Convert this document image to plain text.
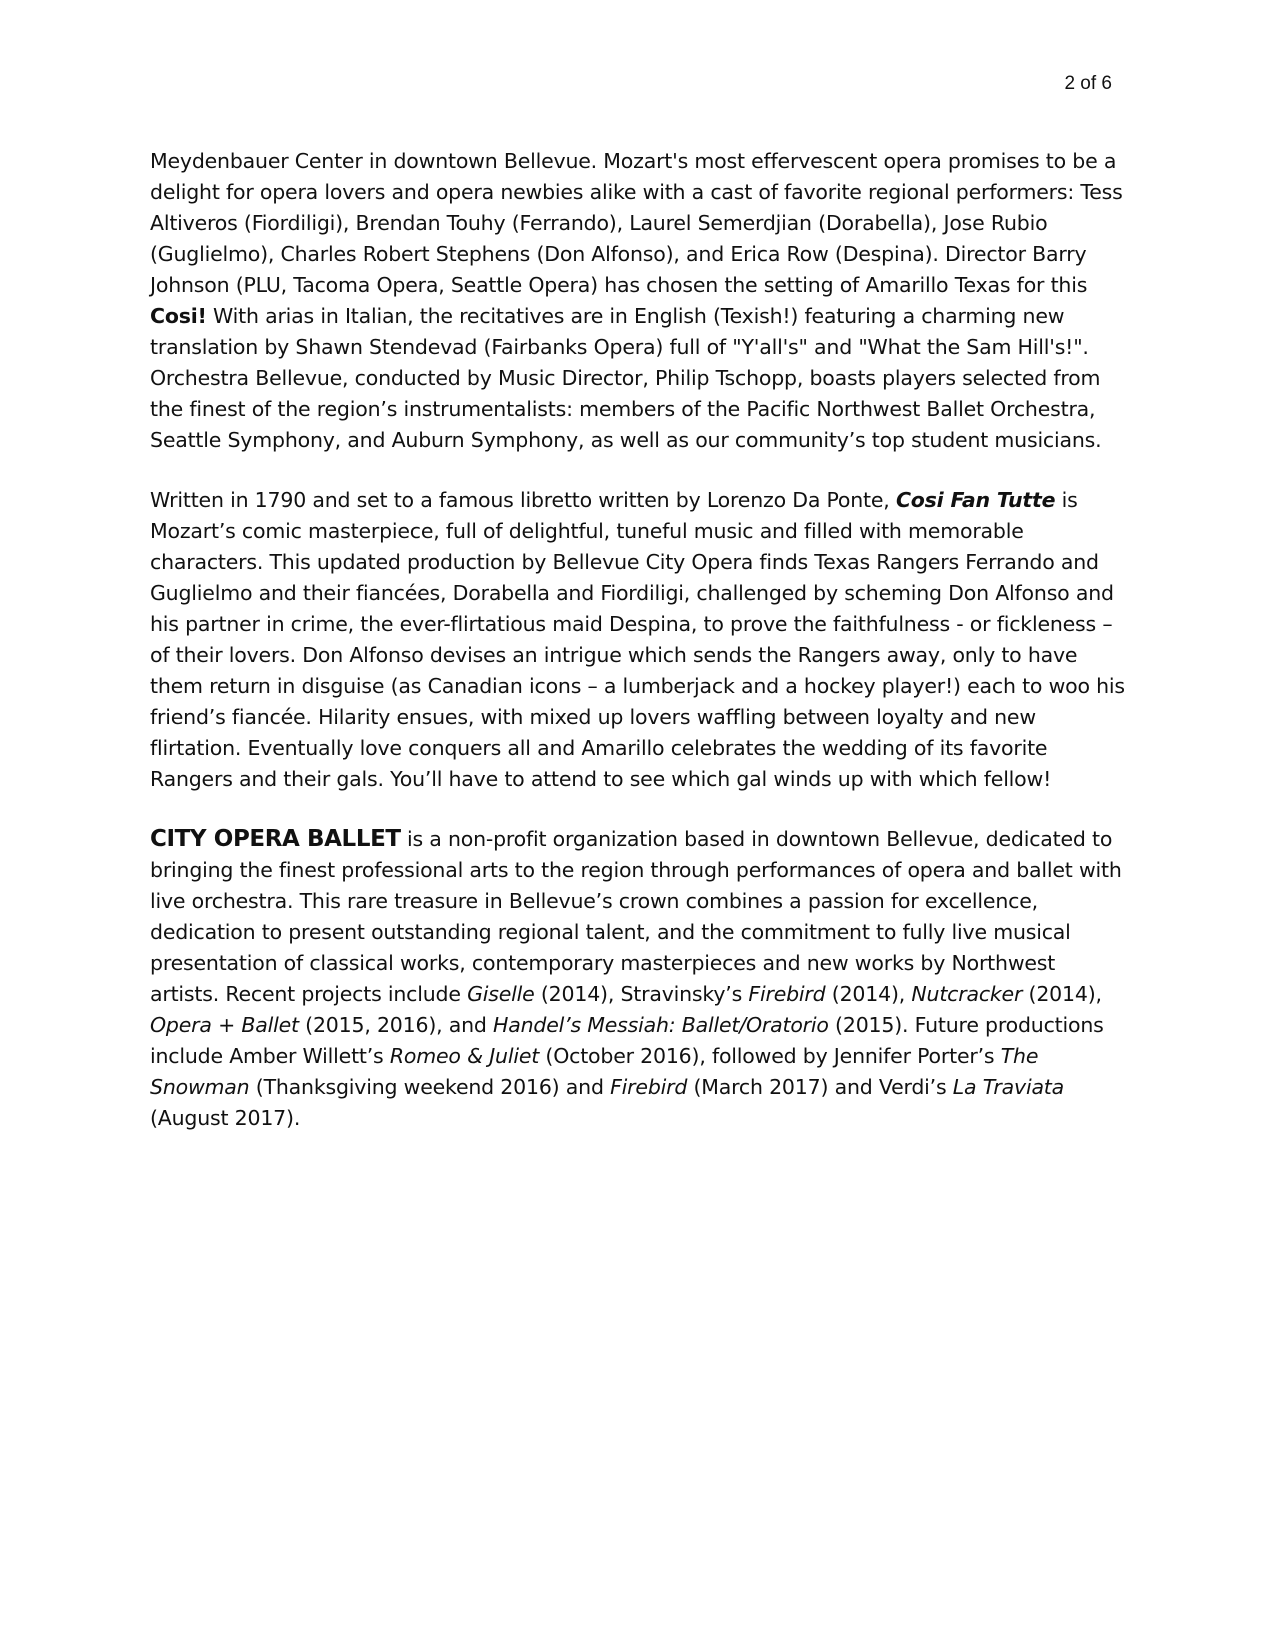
2 of 6

Meydenbauer Center in downtown Bellevue. Mozart's most effervescent opera promises to be a delight for opera lovers and opera newbies alike with a cast of favorite regional performers: Tess Altiveros (Fiordiligi), Brendan Touhy (Ferrando), Laurel Semerdjian (Dorabella), Jose Rubio (Guglielmo), Charles Robert Stephens (Don Alfonso), and Erica Row (Despina). Director Barry Johnson (PLU, Tacoma Opera, Seattle Opera) has chosen the setting of Amarillo Texas for this Cosi! With arias in Italian, the recitatives are in English (Texish!) featuring a charming new translation by Shawn Stendevad (Fairbanks Opera) full of "Y'all's" and "What the Sam Hill's!". Orchestra Bellevue, conducted by Music Director, Philip Tschopp, boasts players selected from the finest of the region’s instrumentalists: members of the Pacific Northwest Ballet Orchestra, Seattle Symphony, and Auburn Symphony, as well as our community’s top student musicians.

Written in 1790 and set to a famous libretto written by Lorenzo Da Ponte, Cosi Fan Tutte is Mozart’s comic masterpiece, full of delightful, tuneful music and filled with memorable characters. This updated production by Bellevue City Opera finds Texas Rangers Ferrando and Guglielmo and their fiancées, Dorabella and Fiordiligi, challenged by scheming Don Alfonso and his partner in crime, the ever-flirtatious maid Despina, to prove the faithfulness - or fickleness – of their lovers. Don Alfonso devises an intrigue which sends the Rangers away, only to have them return in disguise (as Canadian icons – a lumberjack and a hockey player!) each to woo his friend’s fiancée. Hilarity ensues, with mixed up lovers waffling between loyalty and new flirtation. Eventually love conquers all and Amarillo celebrates the wedding of its favorite Rangers and their gals. You’ll have to attend to see which gal winds up with which fellow!

CITY OPERA BALLET is a non-profit organization based in downtown Bellevue, dedicated to bringing the finest professional arts to the region through performances of opera and ballet with live orchestra. This rare treasure in Bellevue’s crown combines a passion for excellence, dedication to present outstanding regional talent, and the commitment to fully live musical presentation of classical works, contemporary masterpieces and new works by Northwest artists. Recent projects include Giselle (2014), Stravinsky’s Firebird (2014), Nutcracker (2014), Opera + Ballet (2015, 2016), and Handel’s Messiah: Ballet/Oratorio (2015). Future productions include Amber Willett’s Romeo & Juliet (October 2016), followed by Jennifer Porter’s The Snowman (Thanksgiving weekend 2016) and Firebird (March 2017) and Verdi’s La Traviata (August 2017).
